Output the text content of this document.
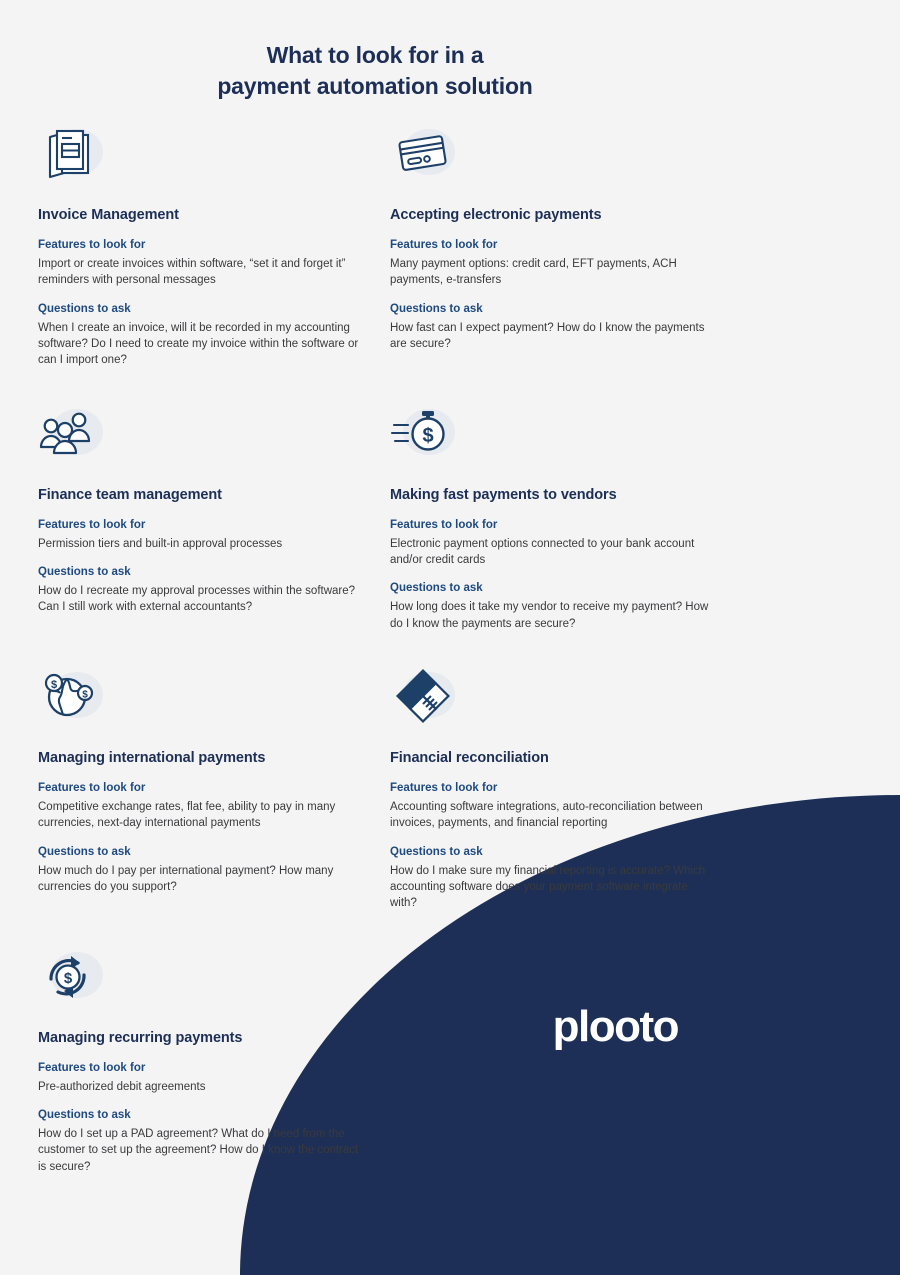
What to look for in a
payment automation solution
Invoice Management
Features to look for
Import or create invoices within software, “set it and forget it” reminders with personal messages
Questions to ask
When I create an invoice, will it be recorded in my accounting software? Do I need to create my invoice within the software or can I import one?
Accepting electronic payments
Features to look for
Many payment options: credit card, EFT payments, ACH payments, e-transfers
Questions to ask
How fast can I expect payment? How do I know the payments are secure?
Finance team management
Features to look for
Permission tiers and built-in approval processes
Questions to ask
How do I recreate my approval processes within the software? Can I still work with external accountants?
$
Making fast payments to vendors
Features to look for
Electronic payment options connected to your bank account and/or credit cards
Questions to ask
How long does it take my vendor to receive my payment? How do I know the payments are secure?
$
$
Managing international payments
Features to look for
Competitive exchange rates, flat fee, ability to pay in many currencies, next-day international payments
Questions to ask
How much do I pay per international payment? How many currencies do you support?
Financial reconciliation
Features to look for
Accounting software integrations, auto-reconciliation between invoices, payments, and financial reporting
Questions to ask
How do I make sure my financial reporting is accurate? Which accounting software does your payment software integrate with?
$
Managing recurring payments
Features to look for
Pre-authorized debit agreements
Questions to ask
How do I set up a PAD agreement? What do I need from the customer to set up the agreement? How do I know the contract is secure?
plooto
